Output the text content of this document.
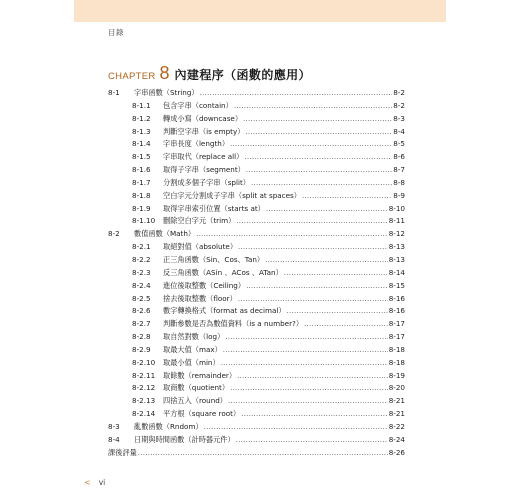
目錄
CHAPTER 8 內建程序（函數的應用）
8-1 字串函數（String） .....	8-2
8-1.1 包含字串（contain） .....	8-2
8-1.2 轉成小寫（downcase） .....	8-3
8-1.3 判斷空字串（is empty） .....	8-4
8-1.4 字串長度（length） .....	8-5
8-1.5 字串取代（replace all） .....	8-6
8-1.6 取得子字串（segment） .....	8-7
8-1.7 分割成多個子字串（split） .....	8-8
8-1.8 空白字元分割成子字串（split at spaces） .....	8-9
8-1.9 取得字串索引位置（starts at） .....	8-10
8-1.10 刪除空白字元（trim） .....	8-11
8-2 數值函數（Math） .....	8-12
8-2.1 取絕對值（absolute） .....	8-13
8-2.2 正三角函數（Sin、Cos、Tan） .....	8-13
8-2.3 反三角函數（ASin 、ACos 、ATan） .....	8-14
8-2.4 進位後取整數（Ceiling） .....	8-15
8-2.5 捨去後取整數（floor） .....	8-16
8-2.6 數字轉換格式（format as decimal） .....	8-16
8-2.7 判斷參數是否為數值資料（is a number?） .....	8-17
8-2.8 取自然對數（log） .....	8-17
8-2.9 取最大值（max） .....	8-18
8-2.10 取最小值（min） .....	8-18
8-2.11 取餘數（remainder） .....	8-19
8-2.12 取商數（quotient） .....	8-20
8-2.13 四捨五入（round） .....	8-21
8-2.14 平方根（square root） .....	8-21
8-3 亂數函數（Rndom） .....	8-22
8-4 日期與時間函數（計時器元件） .....	8-24
課後評量 .....	8-26
< vi
